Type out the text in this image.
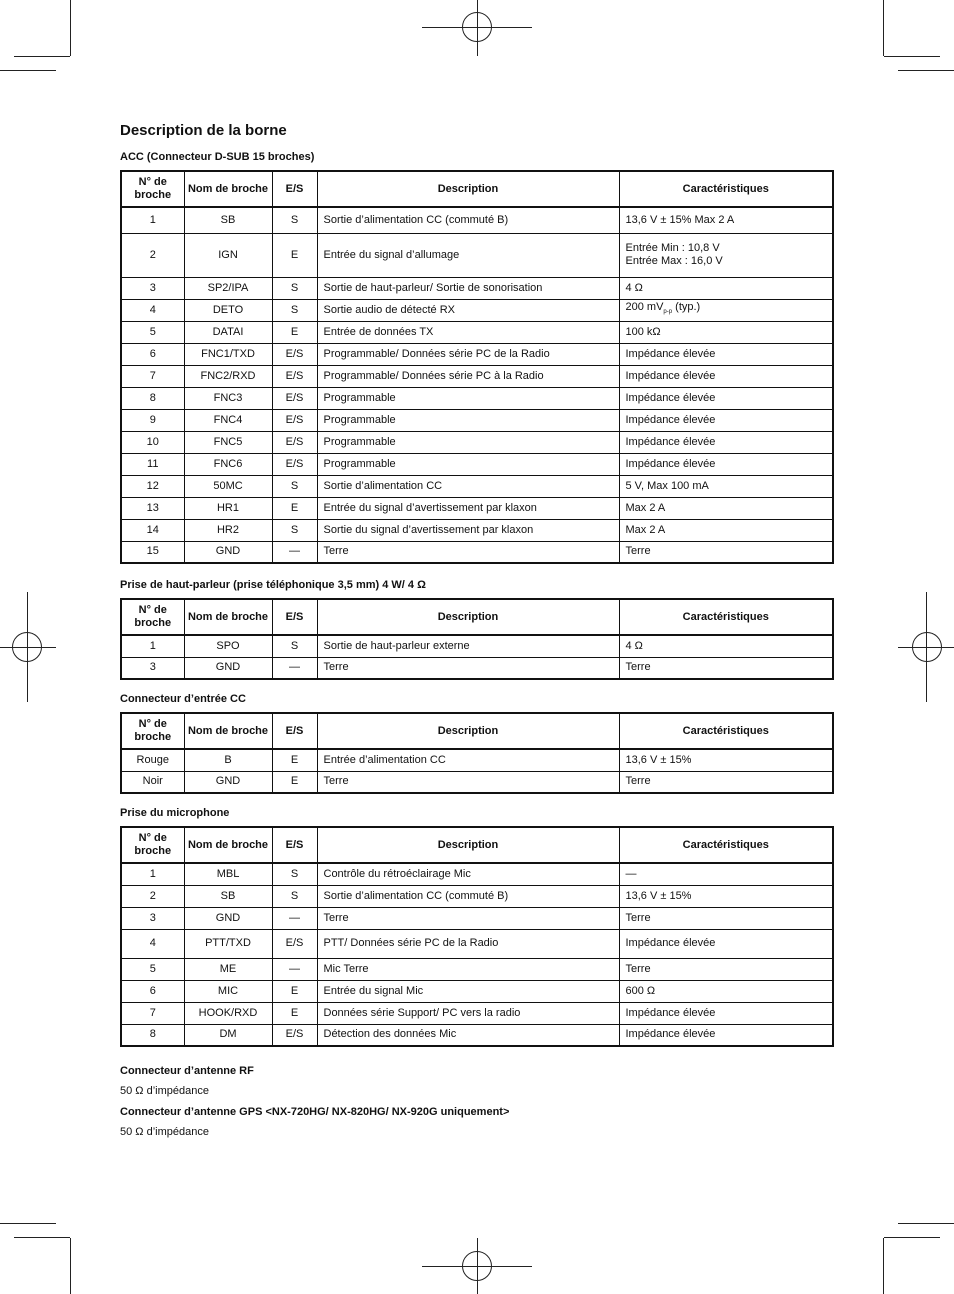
Description de la borne

ACC (Connecteur D-SUB 15 broches)

N° de broche	Nom de broche	E/S	Description	Caractéristiques
1	SB	S	Sortie d’alimentation CC (commuté B)	13,6 V ± 15% Max 2 A
2	IGN	E	Entrée du signal d’allumage	Entrée Min : 10,8 V
Entrée Max : 16,0 V
3	SP2/IPA	S	Sortie de haut-parleur/ Sortie de sonorisation	4 Ω
4	DETO	S	Sortie audio de détecté RX	200 $mV_{p-p}$ (typ.)
5	DATAI	E	Entrée de données TX	100 kΩ
6	FNC1/TXD	E/S	Programmable/ Données série PC de la Radio	Impédance élevée
7	FNC2/RXD	E/S	Programmable/ Données série PC à la Radio	Impédance élevée
8	FNC3	E/S	Programmable	Impédance élevée
9	FNC4	E/S	Programmable	Impédance élevée
10	FNC5	E/S	Programmable	Impédance élevée
11	FNC6	E/S	Programmable	Impédance élevée
12	50MC	S	Sortie d’alimentation CC	5 V, Max 100 mA
13	HR1	E	Entrée du signal d’avertissement par klaxon	Max 2 A
14	HR2	S	Sortie du signal d’avertissement par klaxon	Max 2 A
15	GND	—	Terre	Terre

Prise de haut-parleur (prise téléphonique 3,5 mm) 4 W/ 4 Ω

N° de broche	Nom de broche	E/S	Description	Caractéristiques
1	SPO	S	Sortie de haut-parleur externe	4 Ω
3	GND	—	Terre	Terre

Connecteur d’entrée CC

N° de broche	Nom de broche	E/S	Description	Caractéristiques
Rouge	B	E	Entrée d’alimentation CC	13,6 V ± 15%
Noir	GND	E	Terre	Terre

Prise du microphone

N° de broche	Nom de broche	E/S	Description	Caractéristiques
1	MBL	S	Contrôle du rétroéclairage Mic	—
2	SB	S	Sortie d’alimentation CC (commuté B)	13,6 V ± 15%
3	GND	—	Terre	Terre
4	PTT/TXD	E/S	PTT/ Données série PC de la Radio	Impédance élevée
5	ME	—	Mic Terre	Terre
6	MIC	E	Entrée du signal Mic	600 Ω
7	HOOK/RXD	E	Données série Support/ PC vers la radio	Impédance élevée
8	DM	E/S	Détection des données Mic	Impédance élevée

Connecteur d’antenne RF

50 Ω d’impédance

Connecteur d’antenne GPS <NX-720HG/ NX-820HG/ NX-920G uniquement>

50 Ω d’impédance
